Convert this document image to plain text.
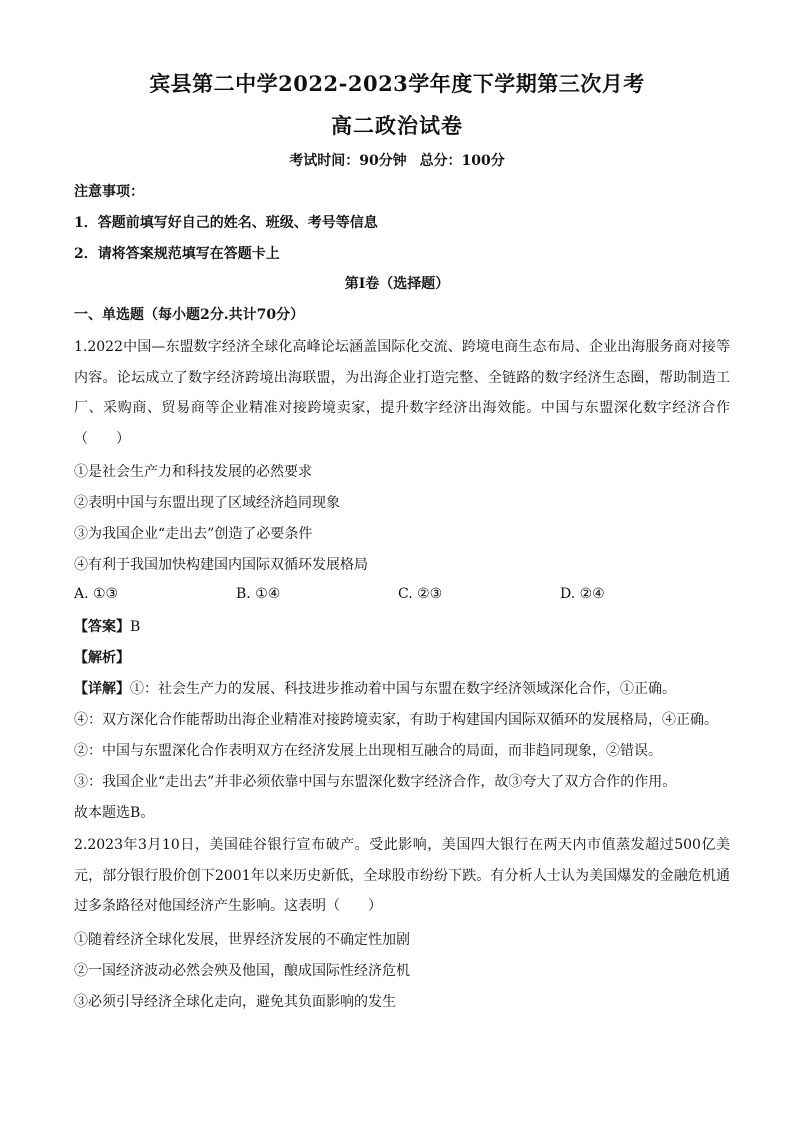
宾县第二中学2022-2023学年度下学期第三次月考
高二政治试卷
考试时间：90分钟 总分：100分
注意事项：
1．答题前填写好自己的姓名、班级、考号等信息
2．请将答案规范填写在答题卡上
第I卷（选择题）
一、单选题（每小题2分.共计70分）
1.2022中国—东盟数字经济全球化高峰论坛涵盖国际化交流、跨境电商生态布局、企业出海服务商对接等内容。论坛成立了数字经济跨境出海联盟，为出海企业打造完整、全链路的数字经济生态圈，帮助制造工厂、采购商、贸易商等企业精准对接跨境卖家，提升数字经济出海效能。中国与东盟深化数字经济合作（　　）
①是社会生产力和科技发展的必然要求
②表明中国与东盟出现了区域经济趋同现象
③为我国企业“走出去”创造了必要条件
④有利于我国加快构建国内国际双循环发展格局
A. ①③	B. ①④	C. ②③	D. ②④
【答案】B
【解析】
【详解】①：社会生产力的发展、科技进步推动着中国与东盟在数字经济领域深化合作，①正确。
④：双方深化合作能帮助出海企业精准对接跨境卖家，有助于构建国内国际双循环的发展格局，④正确。
②：中国与东盟深化合作表明双方在经济发展上出现相互融合的局面，而非趋同现象，②错误。
③：我国企业“走出去”并非必须依靠中国与东盟深化数字经济合作，故③夸大了双方合作的作用。
故本题选B。
2.2023年3月10日，美国硅谷银行宣布破产。受此影响，美国四大银行在两天内市值蒸发超过500亿美元，部分银行股价创下2001年以来历史新低，全球股市纷纷下跌。有分析人士认为美国爆发的金融危机通过多条路径对他国经济产生影响。这表明（　　）
①随着经济全球化发展，世界经济发展的不确定性加剧
②一国经济波动必然会殃及他国，酿成国际性经济危机
③必须引导经济全球化走向，避免其负面影响的发生
